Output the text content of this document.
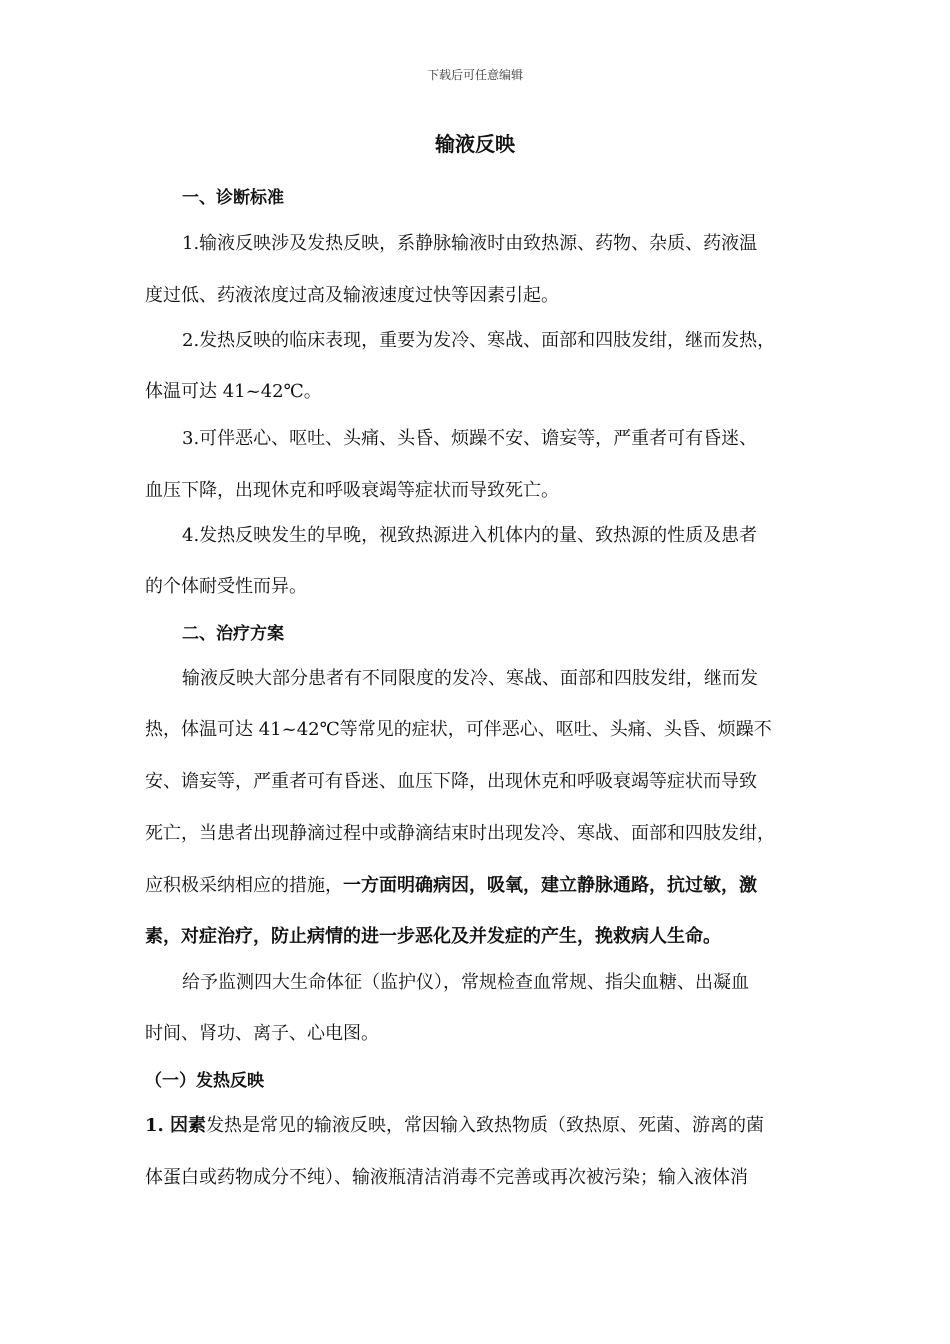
下载后可任意编辑
输液反映
一、诊断标准
1.输液反映涉及发热反映，系静脉输液时由致热源、药物、杂质、药液温
度过低、药液浓度过高及输液速度过快等因素引起。
2.发热反映的临床表现，重要为发冷、寒战、面部和四肢发绀，继而发热，
体温可达 41~42℃。
3.可伴恶心、呕吐、头痛、头昏、烦躁不安、谵妄等，严重者可有昏迷、
血压下降，出现休克和呼吸衰竭等症状而导致死亡。
4.发热反映发生的早晚，视致热源进入机体内的量、致热源的性质及患者
的个体耐受性而异。
二、治疗方案
输液反映大部分患者有不同限度的发冷、寒战、面部和四肢发绀，继而发
热，体温可达 41~42℃等常见的症状，可伴恶心、呕吐、头痛、头昏、烦躁不
安、谵妄等，严重者可有昏迷、血压下降，出现休克和呼吸衰竭等症状而导致
死亡，当患者出现静滴过程中或静滴结束时出现发冷、寒战、面部和四肢发绀，
应积极采纳相应的措施，一方面明确病因，吸氧，建立静脉通路，抗过敏，激
素，对症治疗，防止病情的进一步恶化及并发症的产生，挽救病人生命。
给予监测四大生命体征（监护仪），常规检查血常规、指尖血糖、出凝血
时间、肾功、离子、心电图。
（一）发热反映
1. 因素发热是常见的输液反映，常因输入致热物质（致热原、死菌、游离的菌
体蛋白或药物成分不纯）、输液瓶清洁消毒不完善或再次被污染；输入液体消
